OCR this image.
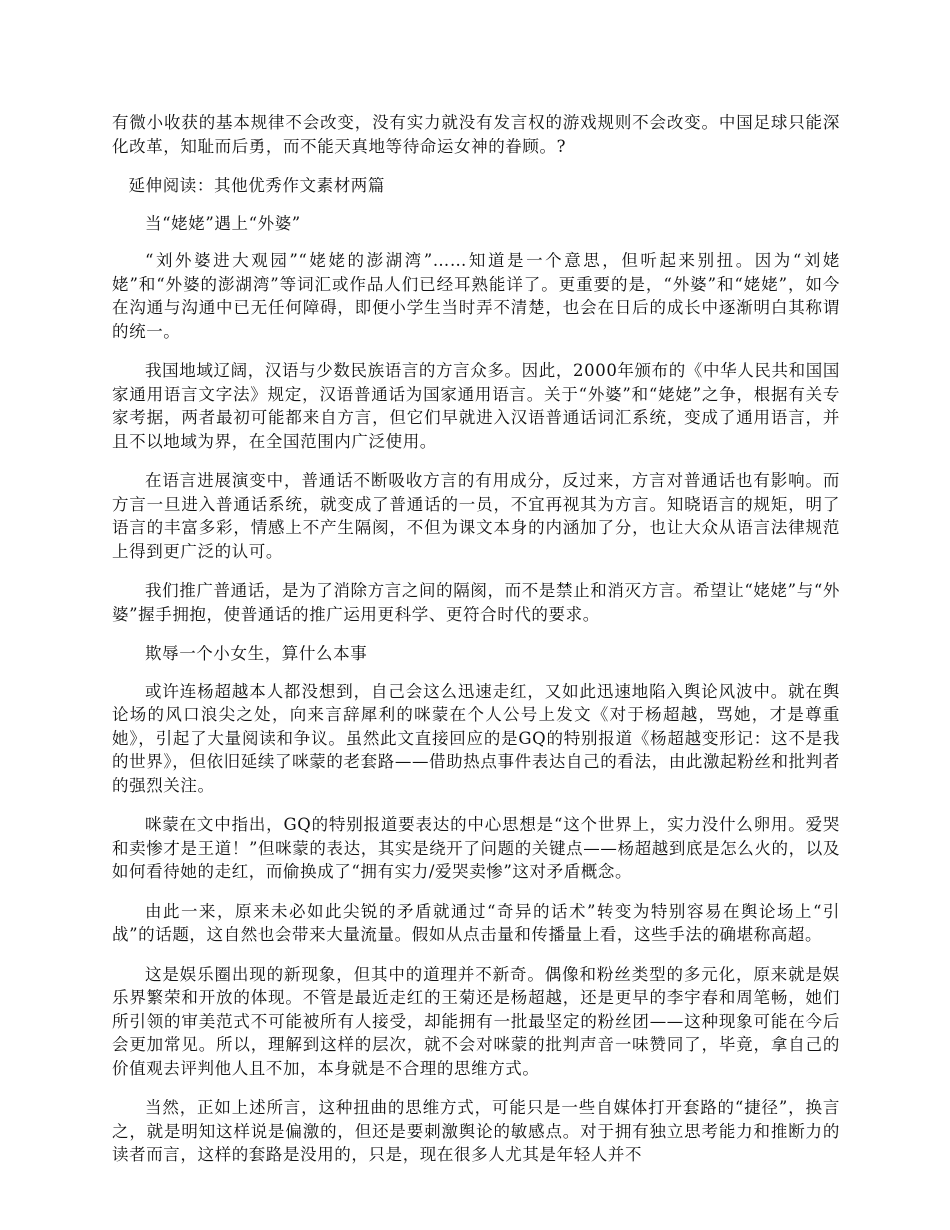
有微小收获的基本规律不会改变，没有实力就没有发言权的游戏规则不会改变。中国足球只能深化改革，知耻而后勇，而不能天真地等待命运女神的眷顾。?

延伸阅读：其他优秀作文素材两篇

当“姥姥”遇上“外婆”

“刘外婆进大观园”“姥姥的澎湖湾”……知道是一个意思，但听起来别扭。因为“刘姥姥”和“外婆的澎湖湾”等词汇或作品人们已经耳熟能详了。更重要的是，“外婆”和“姥姥”，如今在沟通与沟通中已无任何障碍，即便小学生当时弄不清楚，也会在日后的成长中逐渐明白其称谓的统一。

我国地域辽阔，汉语与少数民族语言的方言众多。因此，2000年颁布的《中华人民共和国国家通用语言文字法》规定，汉语普通话为国家通用语言。关于“外婆”和“姥姥”之争，根据有关专家考据，两者最初可能都来自方言，但它们早就进入汉语普通话词汇系统，变成了通用语言，并且不以地域为界，在全国范围内广泛使用。

在语言进展演变中，普通话不断吸收方言的有用成分，反过来，方言对普通话也有影响。而方言一旦进入普通话系统，就变成了普通话的一员，不宜再视其为方言。知晓语言的规矩，明了语言的丰富多彩，情感上不产生隔阂，不但为课文本身的内涵加了分，也让大众从语言法律规范上得到更广泛的认可。

我们推广普通话，是为了消除方言之间的隔阂，而不是禁止和消灭方言。希望让“姥姥”与“外婆”握手拥抱，使普通话的推广运用更科学、更符合时代的要求。

欺辱一个小女生，算什么本事

或许连杨超越本人都没想到，自己会这么迅速走红，又如此迅速地陷入舆论风波中。就在舆论场的风口浪尖之处，向来言辞犀利的咪蒙在个人公号上发文《对于杨超越，骂她，才是尊重她》，引起了大量阅读和争议。虽然此文直接回应的是GQ的特别报道《杨超越变形记：这不是我的世界》，但依旧延续了咪蒙的老套路——借助热点事件表达自己的看法，由此激起粉丝和批判者的强烈关注。

咪蒙在文中指出，GQ的特别报道要表达的中心思想是“这个世界上，实力没什么卵用。爱哭和卖惨才是王道！”但咪蒙的表达，其实是绕开了问题的关键点——杨超越到底是怎么火的，以及如何看待她的走红，而偷换成了“拥有实力/爱哭卖惨”这对矛盾概念。

由此一来，原来未必如此尖锐的矛盾就通过“奇异的话术”转变为特别容易在舆论场上“引战”的话题，这自然也会带来大量流量。假如从点击量和传播量上看，这些手法的确堪称高超。

这是娱乐圈出现的新现象，但其中的道理并不新奇。偶像和粉丝类型的多元化，原来就是娱乐界繁荣和开放的体现。不管是最近走红的王菊还是杨超越，还是更早的李宇春和周笔畅，她们所引领的审美范式不可能被所有人接受，却能拥有一批最坚定的粉丝团——这种现象可能在今后会更加常见。所以，理解到这样的层次，就不会对咪蒙的批判声音一味赞同了，毕竟，拿自己的价值观去评判他人且不加，本身就是不合理的思维方式。

当然，正如上述所言，这种扭曲的思维方式，可能只是一些自媒体打开套路的“捷径”，换言之，就是明知这样说是偏激的，但还是要刺激舆论的敏感点。对于拥有独立思考能力和推断力的读者而言，这样的套路是没用的，只是，现在很多人尤其是年轻人并不
